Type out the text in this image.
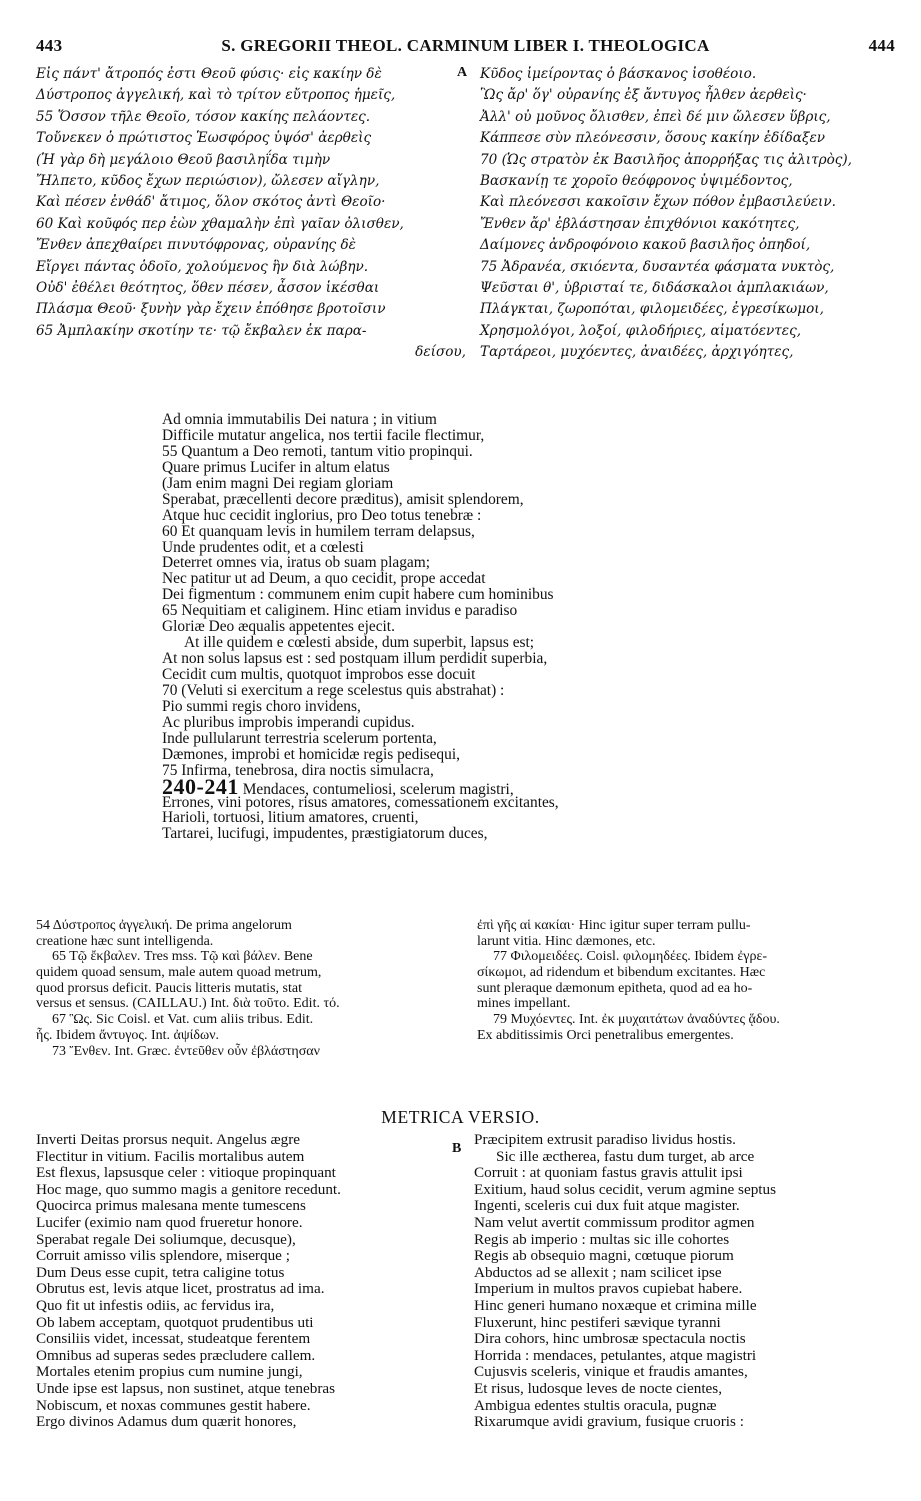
443	S. GREGORII THEOL. CARMINUM LIBER I. THEOLOGICA	444
Εἰς πάντ' ἄτροπός ἐστι Θεοῦ φύσις· εἰς κακίην δὲ
Δύστροπος ἀγγελική, καὶ τὸ τρίτον εὔτροπος ἡμεῖς,
55 Ὅσσον τῆλε Θεοῖο, τόσον κακίης πελάοντες.
Τοὔνεκεν ὁ πρώτιστος Ἑωσφόρος ὑψόσ' ἀερθεὶς
(Ἡ γὰρ δὴ μεγάλοιο Θεοῦ βασιληΐδα τιμὴν
Ἤλπετο, κῦδος ἔχων περιώσιον), ὤλεσεν αἴγλην,
Καὶ πέσεν ἐνθάδ' ἄτιμος, ὅλον σκότος ἀντὶ Θεοῖο·
60 Καὶ κοῦφός περ ἐὼν χθαμαλὴν ἐπὶ γαῖαν ὀλισθεν,
Ἔνθεν ἀπεχθαίρει πινυτόφρονας, οὐρανίης δὲ
Εἴργει πάντας ὁδοῖο, χολούμενος ἣν διὰ λώβην.
Οὐδ' ἐθέλει θεότητος, ὅθεν πέσεν, ἆσσον ἱκέσθαι
Πλάσμα Θεοῦ· ξυνὴν γὰρ ἔχειν ἐπόθησε βροτοῖσιν
65 Ἀμπλακίην σκοτίην τε· τῷ ἔκβαλεν ἐκ παρα-
δείσου,
Κῦδος ἱμείροντας ὁ βάσκανος ἰσοθέοιο.
Ὣς ἄρ' ὅγ' οὐρανίης ἐξ ἄντυγος ἦλθεν ἀερθεὶς·
Ἀλλ' οὐ μοῦνος ὄλισθεν, ἐπεὶ δέ μιν ὤλεσεν ὕβρις,
Κάππεσε σὺν πλεόνεσσιν, ὅσους κακίην ἐδίδαξεν
70 (Ὡς στρατὸν ἐκ Βασιλῆος ἀπορρήξας τις ἀλιτρὸς),
Βασκανίῃ τε χοροῖο θεόφρονος ὑψιμέδοντος,
Καὶ πλεόνεσσι κακοῖσιν ἔχων πόθον ἐμβασιλεύειν.
Ἔνθεν ἄρ' ἐβλάστησαν ἐπιχθόνιοι κακότητες,
Δαίμονες ἀνδροφόνοιο κακοῦ βασιλῆος ὀπηδοί,
75 Ἀδρανέα, σκιόεντα, δυσαντέα φάσματα νυκτὸς,
Ψεῦσται θ', ὑβρισταί τε, διδάσκαλοι ἀμπλακιάων,
Πλάγκται, ζωροπόται, φιλομειδέες, ἐγρεσίκωμοι,
Χρησμολόγοι, λοξοί, φιλοδήριες, αἱματόεντες,
Ταρτάρεοι, μυχόεντες, ἀναιδέες, ἀρχιγόητες,
A
Ad omnia immutabilis Dei natura ; in vitium
Difficile mutatur angelica, nos tertii facile flectimur,
55 Quantum a Deo remoti, tantum vitio propinqui.
Quare primus Lucifer in altum elatus
(Jam enim magni Dei regiam gloriam
Sperabat, præcellenti decore præditus), amisit splendorem,
Atque huc cecidit inglorius, pro Deo totus tenebræ :
60 Et quanquam levis in humilem terram delapsus,
Unde prudentes odit, et a cœlesti
Deterret omnes via, iratus ob suam plagam;
Nec patitur ut ad Deum, a quo cecidit, prope accedat
Dei figmentum : communem enim cupit habere cum hominibus
65 Nequitiam et caliginem. Hinc etiam invidus e paradiso
Gloriæ Deo æqualis appetentes ejecit.
At ille quidem e cœlesti abside, dum superbit, lapsus est;
At non solus lapsus est : sed postquam illum perdidit superbia,
Cecidit cum multis, quotquot improbos esse docuit
70 (Veluti si exercitum a rege scelestus quis abstrahat) :
Pio summi regis choro invidens,
Ac pluribus improbis imperandi cupidus.
Inde pullularunt terrestria scelerum portenta,
Dæmones, improbi et homicidæ regis pedisequi,
75 Infirma, tenebrosa, dira noctis simulacra,
240-241 Mendaces, contumeliosi, scelerum magistri,
Errones, vini potores, risus amatores, comessationem excitantes,
Harioli, tortuosi, litium amatores, cruenti,
Tartarei, lucifugi, impudentes, præstigiatorum duces,
54 Δύστροπος ἀγγελική. De prima angelorum
creatione hæc sunt intelligenda.
65 Τῷ ἔκβαλεν. Tres mss. Τῷ καὶ βάλεν. Bene
quidem quoad sensum, male autem quoad metrum,
quod prorsus deficit. Paucis litteris mutatis, stat
versus et sensus. (CAILLAU.) Int. διὰ τοῦτο. Edit. τό.
67 Ὣς. Sic Coisl. et Vat. cum aliis tribus. Edit.
ἧς. Ibidem ἄντυγος. Int. ἀψίδων.
73 Ἔνθεν. Int. Græc. ἐντεῦθεν οὖν ἐβλάστησαν
ἐπὶ γῆς αἱ κακίαι· Hinc igitur super terram pullu-
larunt vitia. Hinc dæmones, etc.
77 Φιλομειδέες. Coisl. φιλομηδέες. Ibidem ἐγρε-
σίκωμοι, ad ridendum et bibendum excitantes. Hæc
sunt pleraque dæmonum epitheta, quod ad ea ho-
mines impellant.
79 Μυχόεντες. Int. ἐκ μυχαιτάτων ἀναδύντες ᾅδου.
Ex abditissimis Orci penetralibus emergentes.
METRICA VERSIO.
Inverti Deitas prorsus nequit. Angelus ægre
Flectitur in vitium. Facilis mortalibus autem
Est flexus, lapsusque celer : vitioque propinquant
Hoc mage, quo summo magis a genitore recedunt.
Quocirca primus malesana mente tumescens
Lucifer (eximio nam quod frueretur honore.
Sperabat regale Dei soliumque, decusque),
Corruit amisso vilis splendore, miserque ;
Dum Deus esse cupit, tetra caligine totus
Obrutus est, levis atque licet, prostratus ad ima.
Quo fit ut infestis odiis, ac fervidus ira,
Ob labem acceptam, quotquot prudentibus uti
Consiliis videt, incessat, studeatque ferentem
Omnibus ad superas sedes præcludere callem.
Mortales etenim propius cum numine jungi,
Unde ipse est lapsus, non sustinet, atque tenebras
Nobiscum, et noxas communes gestit habere.
Ergo divinos Adamus dum quærit honores,
B
Præcipitem extrusit paradiso lividus hostis.
Sic ille æctherea, fastu dum turget, ab arce
Corruit : at quoniam fastus gravis attulit ipsi
Exitium, haud solus cecidit, verum agmine septus
Ingenti, sceleris cui dux fuit atque magister.
Nam velut avertit commissum proditor agmen
Regis ab imperio : multas sic ille cohortes
Regis ab obsequio magni, cœtuque piorum
Abductos ad se allexit ; nam scilicet ipse
Imperium in multos pravos cupiebat habere.
Hinc generi humano noxæque et crimina mille
Fluxerunt, hinc pestiferi sævique tyranni
Dira cohors, hinc umbrosæ spectacula noctis
Horrida : mendaces, petulantes, atque magistri
Cujusvis sceleris, vinique et fraudis amantes,
Et risus, ludosque leves de nocte cientes,
Ambigua edentes stultis oracula, pugnæ
Rixarumque avidi gravium, fusique cruoris :
